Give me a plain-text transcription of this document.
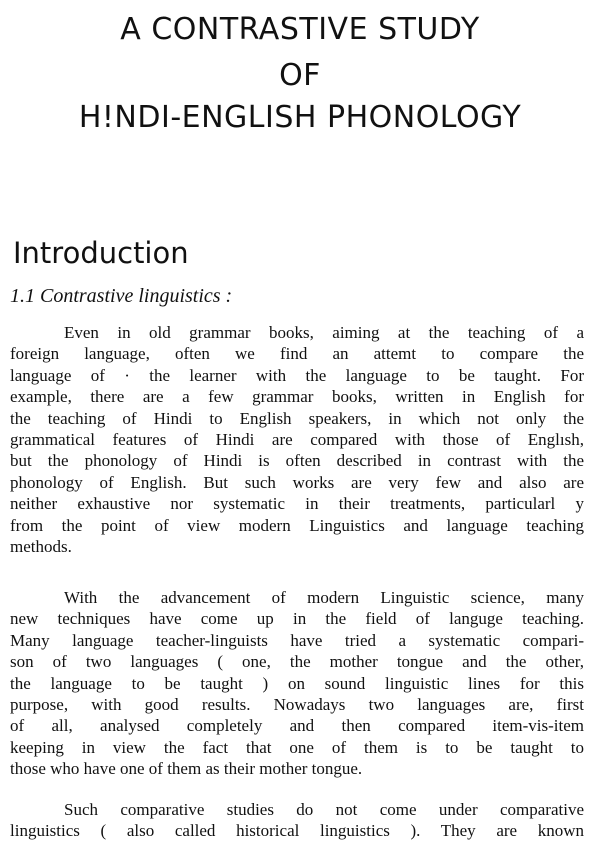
A CONTRASTIVE STUDY
OF
H!NDI-ENGLISH PHONOLOGY
Introduction
1.1 Contrastive linguistics :
Even in old grammar books, aiming at the teaching of a
foreign language, often we find an attemt to compare the
language of · the learner with the language to be taught. For
example, there are a few grammar books, written in English for
the teaching of Hindi to English speakers, in which not only the
grammatical features of Hindi are compared with those of Englısh,
but the phonology of Hindi is often described in contrast with the
phonology of English. But such works are very few and also are
neither exhaustive nor systematic in their treatments, particularl y
from the point of view modern Linguistics and language teaching
methods.
With the advancement of modern Linguistic science, many
new techniques have come up in the field of languge teaching.
Many language teacher-linguists have tried a systematic compari-
son of two languages ( one, the mother tongue and the other,
the language to be taught ) on sound linguistic lines for this
purpose, with good results. Nowadays two languages are, first
of all, analysed completely and then compared item-vis-item
keeping in view the fact that one of them is to be taught to
those who have one of them as their mother tongue.
Such comparative studies do not come under comparative
linguistics ( also called historical linguistics ). They are known
